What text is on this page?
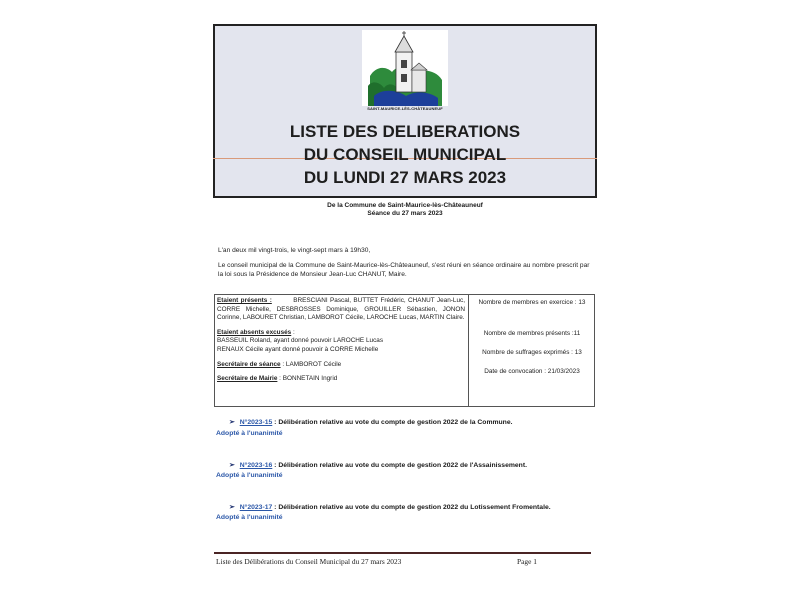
SAINT-MAURICE-LÈS-CHÂTEAUNEUF
LISTE DES DELIBERATIONS
DU CONSEIL MUNICIPAL
DU LUNDI 27 MARS 2023
De la Commune de Saint-Maurice-lès-Châteauneuf
Séance du 27 mars 2023
L'an deux mil vingt-trois, le vingt-sept mars à 19h30,
Le conseil municipal de la Commune de Saint-Maurice-lès-Châteauneuf, s'est réuni en séance ordinaire au nombre prescrit par la loi sous la Présidence de Monsieur Jean-Luc CHANUT, Maire.
Etaient présents :	BRESCIANI Pascal, BUTTET Frédéric, CHANUT Jean-Luc, CORRE Michelle, DESBROSSES Dominique, GROUILLER Sébastien, JONON Corinne, LABOURET Christian, LAMBOROT Cécile, LAROCHE Lucas, MARTIN Claire.
Etaient absents excusés :
BASSEUIL Roland, ayant donné pouvoir LAROCHE Lucas
RENAUX Cécile ayant donné pouvoir à CORRE Michelle
Secrétaire de séance : LAMBOROT Cécile
Secrétaire de Mairie : BONNETAIN Ingrid
Nombre de membres en exercice : 13
Nombre de membres présents :11
Nombre de suffrages exprimés : 13
Date de convocation : 21/03/2023
➢ N°2023-15 : Délibération relative au vote du compte de gestion 2022 de la Commune.
Adopté à l'unanimité
➢ N°2023-16 : Délibération relative au vote du compte de gestion 2022 de l'Assainissement.
Adopté à l'unanimité
➢ N°2023-17 : Délibération relative au vote du compte de gestion 2022 du Lotissement Fromentale.
Adopté à l'unanimité
Liste des Délibérations du Conseil Municipal du 27 mars 2023	Page 1
